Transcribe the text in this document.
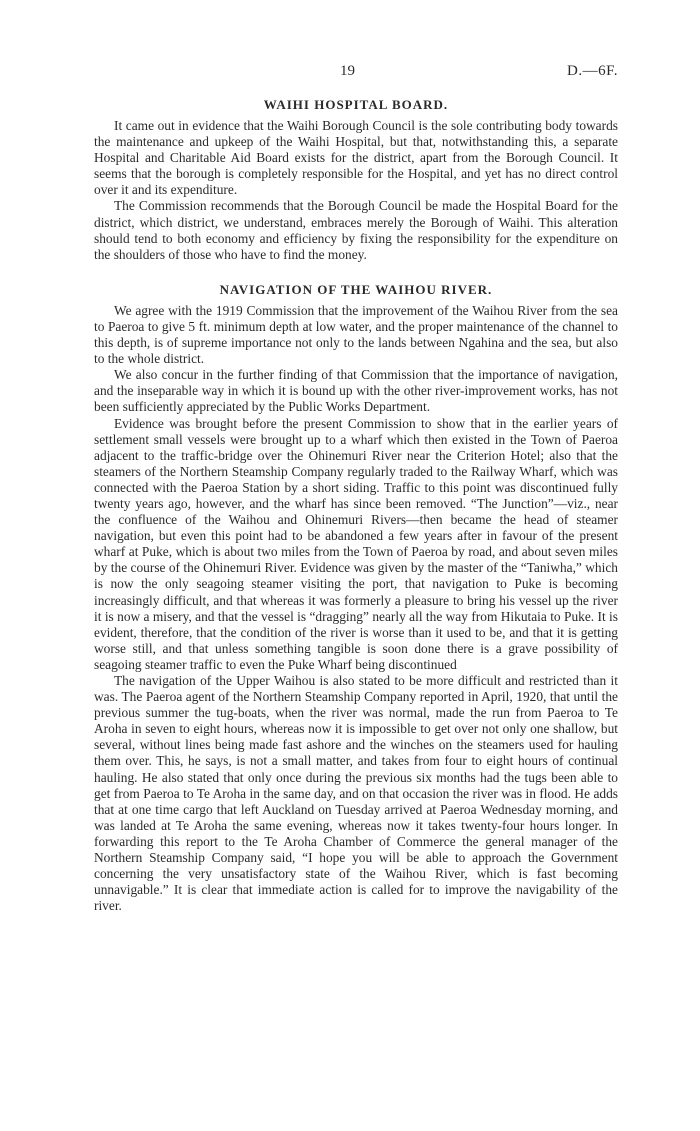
19	D.—6F.
WAIHI HOSPITAL BOARD.

It came out in evidence that the Waihi Borough Council is the sole contributing body towards the maintenance and upkeep of the Waihi Hospital, but that, notwithstanding this, a separate Hospital and Charitable Aid Board exists for the district, apart from the Borough Council. It seems that the borough is completely responsible for the Hospital, and yet has no direct control over it and its expenditure.

The Commission recommends that the Borough Council be made the Hospital Board for the district, which district, we understand, embraces merely the Borough of Waihi. This alteration should tend to both economy and efficiency by fixing the responsibility for the expenditure on the shoulders of those who have to find the money.

NAVIGATION OF THE WAIHOU RIVER.

We agree with the 1919 Commission that the improvement of the Waihou River from the sea to Paeroa to give 5 ft. minimum depth at low water, and the proper maintenance of the channel to this depth, is of supreme importance not only to the lands between Ngahina and the sea, but also to the whole district.

We also concur in the further finding of that Commission that the importance of navigation, and the inseparable way in which it is bound up with the other river-improvement works, has not been sufficiently appreciated by the Public Works Department.

Evidence was brought before the present Commission to show that in the earlier years of settlement small vessels were brought up to a wharf which then existed in the Town of Paeroa adjacent to the traffic-bridge over the Ohinemuri River near the Criterion Hotel; also that the steamers of the Northern Steamship Company regularly traded to the Railway Wharf, which was connected with the Paeroa Station by a short siding. Traffic to this point was discontinued fully twenty years ago, however, and the wharf has since been removed. “The Junction”—viz., near the confluence of the Waihou and Ohinemuri Rivers—then became the head of steamer navigation, but even this point had to be abandoned a few years after in favour of the present wharf at Puke, which is about two miles from the Town of Paeroa by road, and about seven miles by the course of the Ohinemuri River. Evidence was given by the master of the “Taniwha,” which is now the only seagoing steamer visiting the port, that navigation to Puke is becoming increasingly difficult, and that whereas it was formerly a pleasure to bring his vessel up the river it is now a misery, and that the vessel is “dragging” nearly all the way from Hikutaia to Puke. It is evident, therefore, that the condition of the river is worse than it used to be, and that it is getting worse still, and that unless something tangible is soon done there is a grave possibility of seagoing steamer traffic to even the Puke Wharf being discontinued

The navigation of the Upper Waihou is also stated to be more difficult and restricted than it was. The Paeroa agent of the Northern Steamship Company reported in April, 1920, that until the previous summer the tug-boats, when the river was normal, made the run from Paeroa to Te Aroha in seven to eight hours, whereas now it is impossible to get over not only one shallow, but several, without lines being made fast ashore and the winches on the steamers used for hauling them over. This, he says, is not a small matter, and takes from four to eight hours of continual hauling. He also stated that only once during the previous six months had the tugs been able to get from Paeroa to Te Aroha in the same day, and on that occasion the river was in flood. He adds that at one time cargo that left Auckland on Tuesday arrived at Paeroa Wednesday morning, and was landed at Te Aroha the same evening, whereas now it takes twenty-four hours longer. In forwarding this report to the Te Aroha Chamber of Commerce the general manager of the Northern Steamship Company said, “I hope you will be able to approach the Government concerning the very unsatisfactory state of the Waihou River, which is fast becoming unnavigable.” It is clear that immediate action is called for to improve the navigability of the river.
